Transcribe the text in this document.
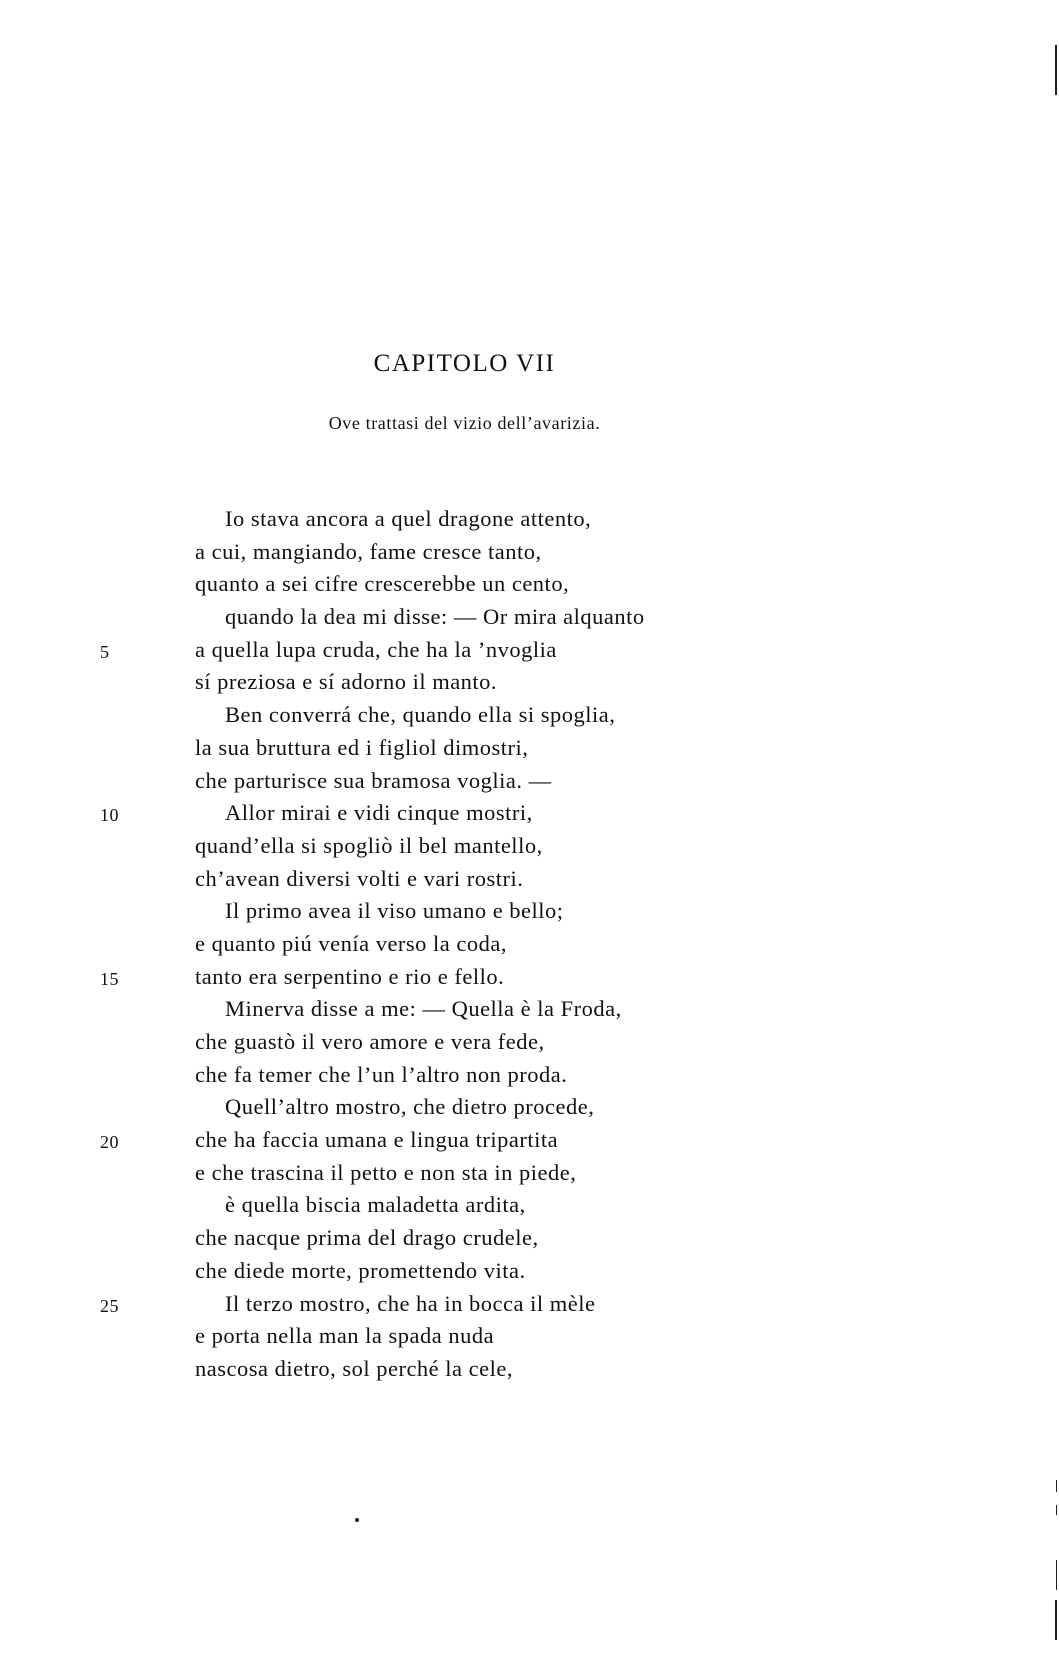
CAPITOLO VII

Ove trattasi del vizio dell’avarizia.

Io stava ancora a quel dragone attento,
a cui, mangiando, fame cresce tanto,
quanto a sei cifre crescerebbe un cento,
quando la dea mi disse: — Or mira alquanto
5	a quella lupa cruda, che ha la ’nvoglia
sí preziosa e sí adorno il manto.
Ben converrá che, quando ella si spoglia,
la sua bruttura ed i figliol dimostri,
che parturisce sua bramosa voglia. —
10	Allor mirai e vidi cinque mostri,
quand’ella si spogliò il bel mantello,
ch’avean diversi volti e vari rostri.
Il primo avea il viso umano e bello;
e quanto piú venía verso la coda,
15	tanto era serpentino e rio e fello.
Minerva disse a me: — Quella è la Froda,
che guastò il vero amore e vera fede,
che fa temer che l’un l’altro non proda.
Quell’altro mostro, che dietro procede,
20	che ha faccia umana e lingua tripartita
e che trascina il petto e non sta in piede,
è quella biscia maladetta ardita,
che nacque prima del drago crudele,
che diede morte, promettendo vita.
25	Il terzo mostro, che ha in bocca il mèle
e porta nella man la spada nuda
nascosa dietro, sol perché la cele,
